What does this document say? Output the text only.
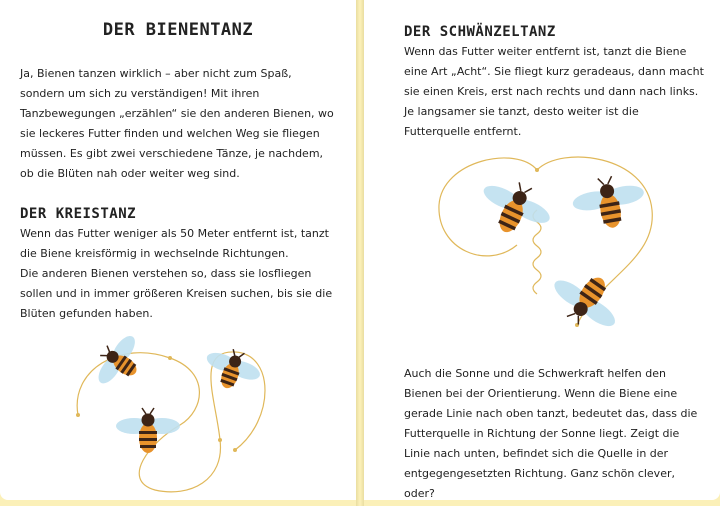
DER BIENENTANZ

Ja, Bienen tanzen wirklich – aber nicht zum Spaß, sondern um sich zu verständigen! Mit ihren Tanzbewegungen „erzählen“ sie den anderen Bienen, wo sie leckeres Futter finden und welchen Weg sie fliegen müssen. Es gibt zwei verschiedene Tänze, je nachdem, ob die Blüten nah oder weiter weg sind.

DER KREISTANZ

Wenn das Futter weniger als 50 Meter entfernt ist, tanzt die Biene kreisförmig in wechselnde Richtungen.
Die anderen Bienen verstehen so, dass sie losfliegen sollen und in immer größeren Kreisen suchen, bis sie die Blüten gefunden haben.

DER SCHWÄNZELTANZ

Wenn das Futter weiter entfernt ist, tanzt die Biene eine Art „Acht“. Sie fliegt kurz geradeaus, dann macht sie einen Kreis, erst nach rechts und dann nach links.
Je langsamer sie tanzt, desto weiter ist die Futterquelle entfernt.

Auch die Sonne und die Schwerkraft helfen den Bienen bei der Orientierung. Wenn die Biene eine gerade Linie nach oben tanzt, bedeutet das, dass die Futterquelle in Richtung der Sonne liegt. Zeigt die Linie nach unten, befindet sich die Quelle in der entgegengesetzten Richtung. Ganz schön clever, oder?
